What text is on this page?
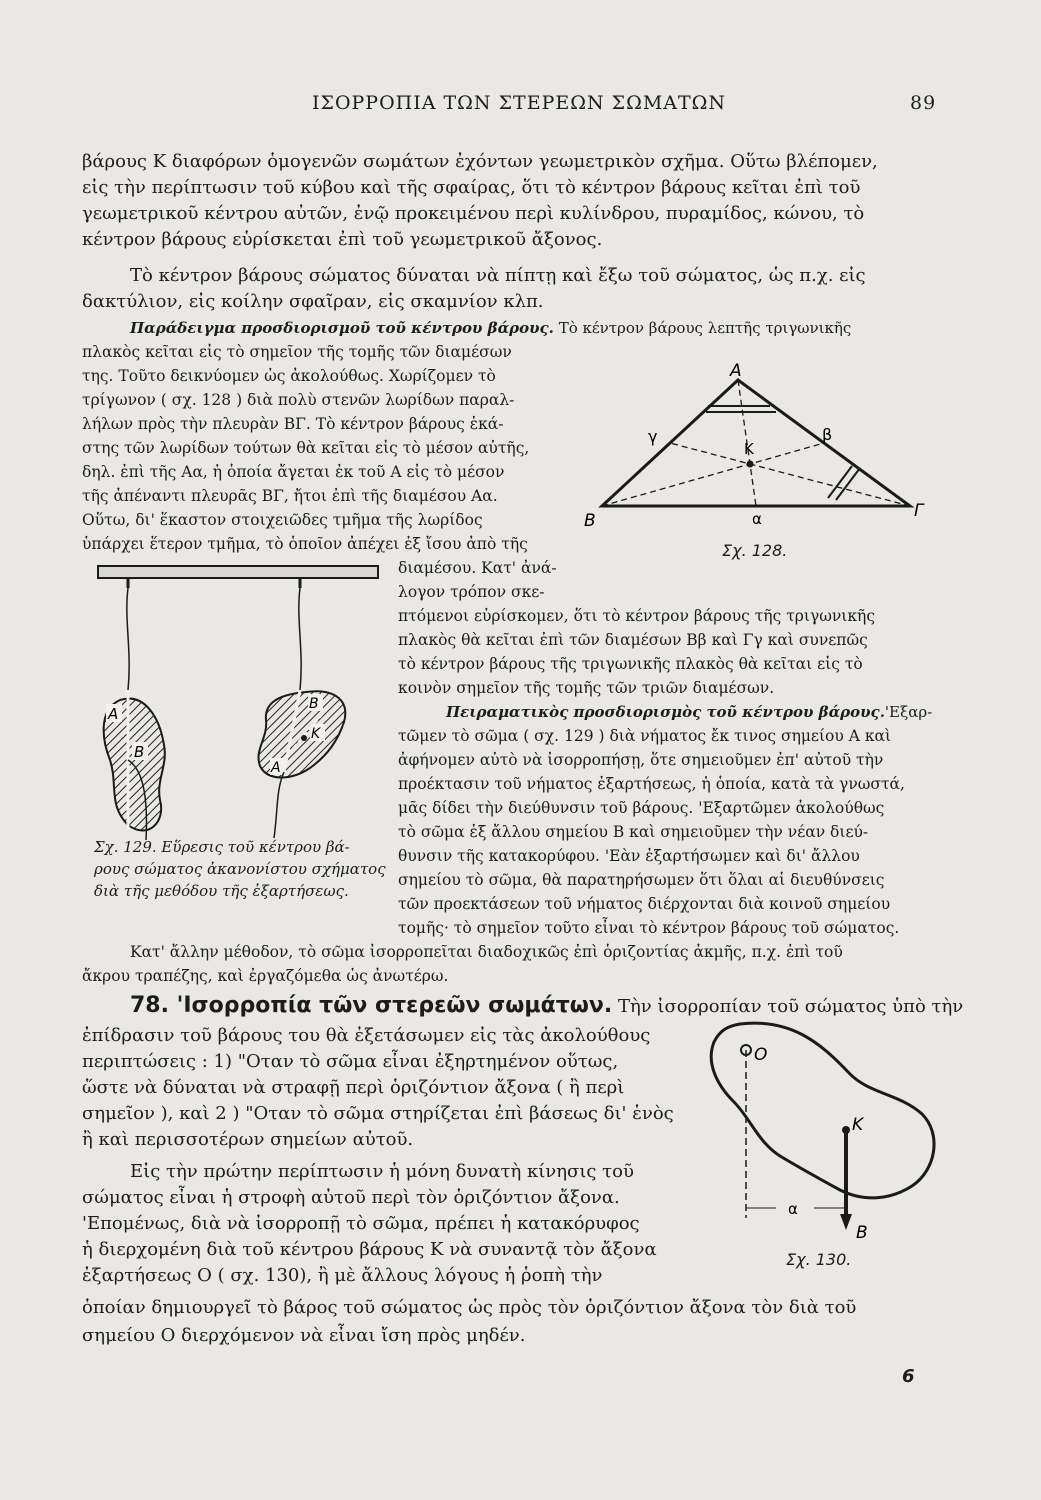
ΙΣΟΡΡΟΠΙΑ ΤΩΝ ΣΤΕΡΕΩΝ ΣΩΜΑΤΩΝ	89
βάρους Κ διαφόρων ὁμογενῶν σωμάτων ἐχόντων γεωμετρικὸν σχῆμα. Οὕτω βλέπομεν,
εἰς τὴν περίπτωσιν τοῦ κύβου καὶ τῆς σφαίρας, ὅτι τὸ κέντρον βάρους κεῖται ἐπὶ τοῦ
γεωμετρικοῦ κέντρου αὐτῶν, ἐνῷ προκειμένου περὶ κυλίνδρου, πυραμίδος, κώνου, τὸ
κέντρον βάρους εὑρίσκεται ἐπὶ τοῦ γεωμετρικοῦ ἄξονος.
Τὸ κέντρον βάρους σώματος δύναται νὰ πίπτῃ καὶ ἔξω τοῦ σώματος, ὡς π.χ. εἰς
δακτύλιον, εἰς κοίλην σφαῖραν, εἰς σκαμνίον κλπ.
Παράδειγμα προσδιορισμοῦ τοῦ κέντρου βάρους. Τὸ κέντρον βάρους λεπτῆς τριγωνικῆς
πλακὸς κεῖται εἰς τὸ σημεῖον τῆς τομῆς τῶν διαμέσων
της. Τοῦτο δεικνύομεν ὡς ἀκολούθως. Χωρίζομεν τὸ
τρίγωνον ( σχ. 128 ) διὰ πολὺ στενῶν λωρίδων παραλ-
λήλων πρὸς τὴν πλευρὰν ΒΓ. Τὸ κέντρον βάρους ἑκά-
στης τῶν λωρίδων τούτων θὰ κεῖται εἰς τὸ μέσον αὐτῆς,
δηλ. ἐπὶ τῆς Αα, ἡ ὁποία ἄγεται ἐκ τοῦ Α εἰς τὸ μέσον
τῆς ἀπέναντι πλευρᾶς ΒΓ, ἤτοι ἐπὶ τῆς διαμέσου Αα.
Οὕτω, δι' ἕκαστον στοιχειῶδες τμῆμα τῆς λωρίδος
ὑπάρχει ἕτερον τμῆμα, τὸ ὁποῖον ἀπέχει ἐξ ἴσου ἀπὸ τῆς
διαμέσου. Κατ' ἀνά-
λογον τρόπον σκε-
πτόμενοι εὑρίσκομεν, ὅτι τὸ κέντρον βάρους τῆς τριγωνικῆς
πλακὸς θὰ κεῖται ἐπὶ τῶν διαμέσων Ββ καὶ Γγ καὶ συνεπῶς
τὸ κέντρον βάρους τῆς τριγωνικῆς πλακὸς θὰ κεῖται εἰς τὸ
κοινὸν σημεῖον τῆς τομῆς τῶν τριῶν διαμέσων.
Πειραματικὸς προσδιορισμὸς τοῦ κέντρου βάρους.'Εξαρ-
τῶμεν τὸ σῶμα ( σχ. 129 ) διὰ νήματος ἔκ τινος σημείου Α καὶ
ἀφήνομεν αὐτὸ νὰ ἰσορροπήσῃ, ὅτε σημειοῦμεν ἐπ' αὐτοῦ τὴν
προέκτασιν τοῦ νήματος ἐξαρτήσεως, ἡ ὁποία, κατὰ τὰ γνωστά,
μᾶς δίδει τὴν διεύθυνσιν τοῦ βάρους. 'Εξαρτῶμεν ἀκολούθως
τὸ σῶμα ἐξ ἄλλου σημείου Β καὶ σημειοῦμεν τὴν νέαν διεύ-
θυνσιν τῆς κατακορύφου. 'Εὰν ἐξαρτήσωμεν καὶ δι' ἄλλου
σημείου τὸ σῶμα, θὰ παρατηρήσωμεν ὅτι ὅλαι αἱ διευθύνσεις
τῶν προεκτάσεων τοῦ νήματος διέρχονται διὰ κοινοῦ σημείου
τομῆς· τὸ σημεῖον τοῦτο εἶναι τὸ κέντρον βάρους τοῦ σώματος.
Κατ' ἄλλην μέθοδον, τὸ σῶμα ἰσορροπεῖται διαδοχικῶς ἐπὶ ὁριζοντίας ἀκμῆς, π.χ. ἐπὶ τοῦ
ἄκρου τραπέζης, καὶ ἐργαζόμεθα ὡς ἀνωτέρω.
Α
Β	Γ
α
β
γ
Κ
Σχ. 128.
Α
Β
Β
Κ
Α
Σχ. 129. Εὕρεσις τοῦ κέντρου βά-
ρους σώματος ἀκανονίστου σχήματος
διὰ τῆς μεθόδου τῆς ἐξαρτήσεως.
78. 'Ισορροπία τῶν στερεῶν σωμάτων. Τὴν ἰσορροπίαν τοῦ σώματος ὑπὸ τὴν
ἐπίδρασιν τοῦ βάρους του θὰ ἐξετάσωμεν εἰς τὰς ἀκολούθους
περιπτώσεις : 1) "Οταν τὸ σῶμα εἶναι ἐξηρτημένον οὕτως,
ὥστε νὰ δύναται νὰ στραφῇ περὶ ὁριζόντιον ἄξονα ( ἢ περὶ
σημεῖον ), καὶ 2 ) "Οταν τὸ σῶμα στηρίζεται ἐπὶ βάσεως δι' ἑνὸς
ἢ καὶ περισσοτέρων σημείων αὐτοῦ.
Εἰς τὴν πρώτην περίπτωσιν ἡ μόνη δυνατὴ κίνησις τοῦ
σώματος εἶναι ἡ στροφὴ αὐτοῦ περὶ τὸν ὁριζόντιον ἄξονα.
'Επομένως, διὰ νὰ ἰσορροπῇ τὸ σῶμα, πρέπει ἡ κατακόρυφος
ἡ διερχομένη διὰ τοῦ κέντρου βάρους Κ νὰ συναντᾷ τὸν ἄξονα
ἐξαρτήσεως Ο ( σχ. 130), ἢ μὲ ἄλλους λόγους ἡ ῥοπὴ τὴν
ὁποίαν δημιουργεῖ τὸ βάρος τοῦ σώματος ὡς πρὸς τὸν ὁριζόντιον ἄξονα τὸν διὰ τοῦ
σημείου Ο διερχόμενον νὰ εἶναι ἴση πρὸς μηδέν.
Ο
Κ
Β
α
Σχ. 130.
6
